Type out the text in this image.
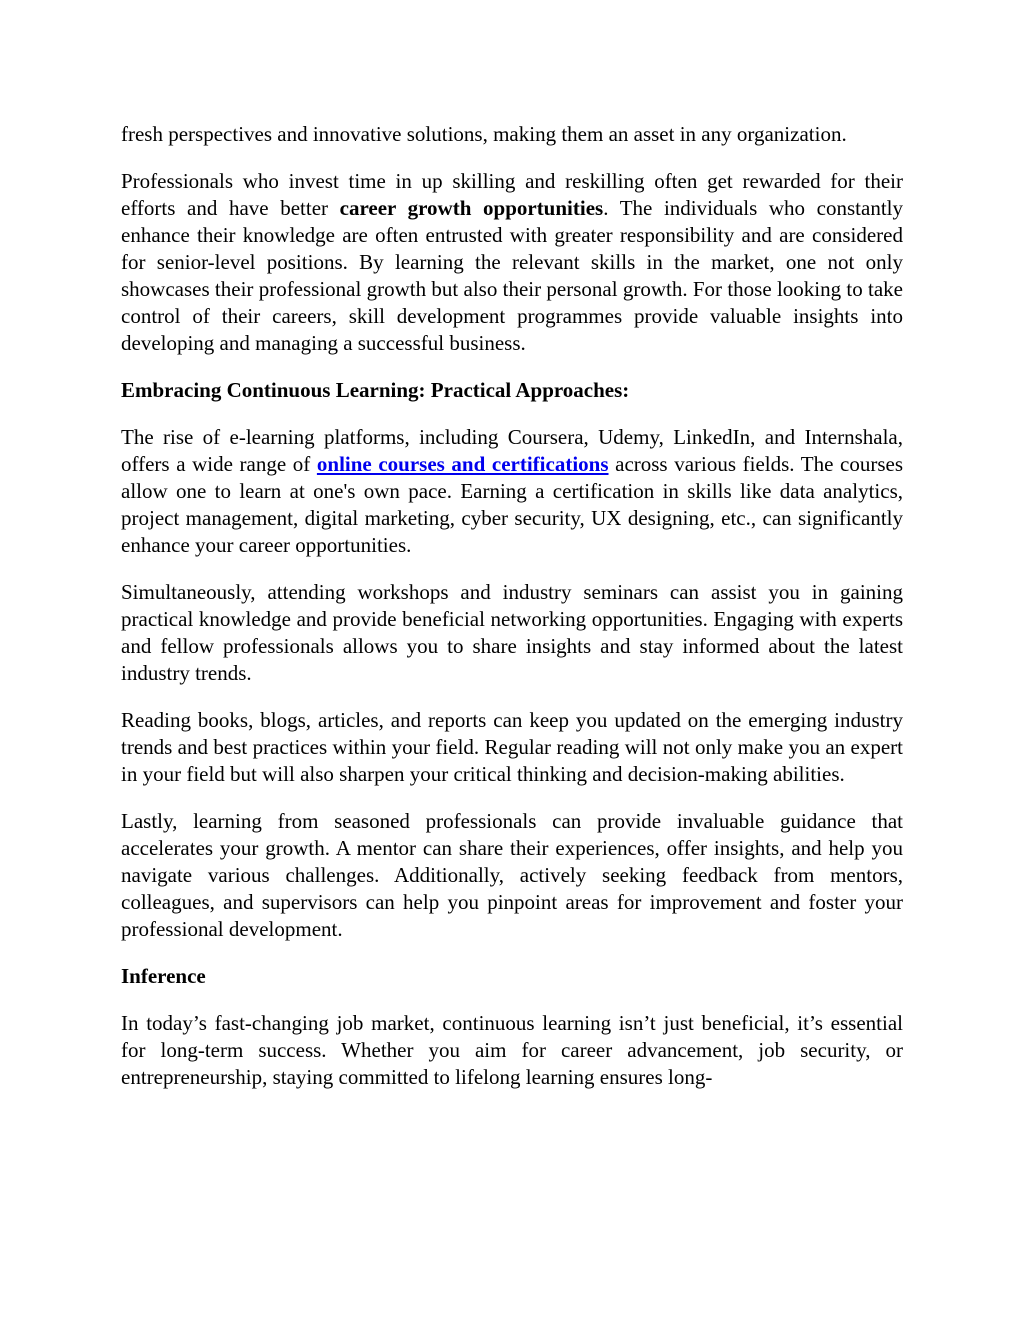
fresh perspectives and innovative solutions, making them an asset in any organization.

Professionals who invest time in up skilling and reskilling often get rewarded for their efforts and have better career growth opportunities. The individuals who constantly enhance their knowledge are often entrusted with greater responsibility and are considered for senior-level positions. By learning the relevant skills in the market, one not only showcases their professional growth but also their personal growth. For those looking to take control of their careers, skill development programmes provide valuable insights into developing and managing a successful business.

Embracing Continuous Learning: Practical Approaches:

The rise of e-learning platforms, including Coursera, Udemy, LinkedIn, and Internshala, offers a wide range of online courses and certifications across various fields. The courses allow one to learn at one's own pace. Earning a certification in skills like data analytics, project management, digital marketing, cyber security, UX designing, etc., can significantly enhance your career opportunities.

Simultaneously, attending workshops and industry seminars can assist you in gaining practical knowledge and provide beneficial networking opportunities. Engaging with experts and fellow professionals allows you to share insights and stay informed about the latest industry trends.

Reading books, blogs, articles, and reports can keep you updated on the emerging industry trends and best practices within your field. Regular reading will not only make you an expert in your field but will also sharpen your critical thinking and decision-making abilities.

Lastly, learning from seasoned professionals can provide invaluable guidance that accelerates your growth. A mentor can share their experiences, offer insights, and help you navigate various challenges. Additionally, actively seeking feedback from mentors, colleagues, and supervisors can help you pinpoint areas for improvement and foster your professional development.

Inference

In today’s fast-changing job market, continuous learning isn’t just beneficial, it’s essential for long-term success. Whether you aim for career advancement, job security, or entrepreneurship, staying committed to lifelong learning ensures long-
